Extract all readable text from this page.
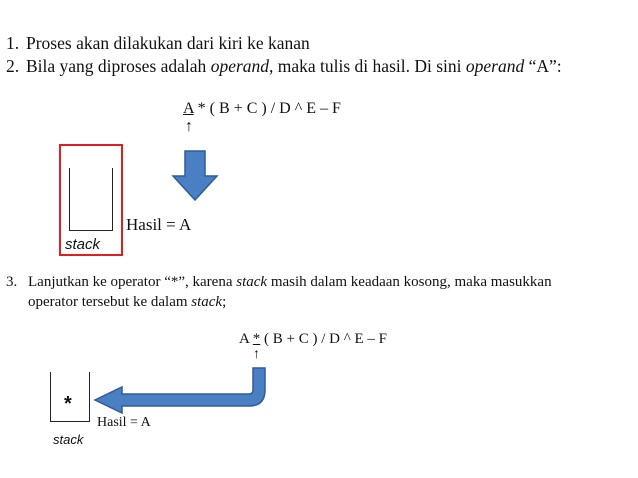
1. Proses akan dilakukan dari kiri ke kanan
2. Bila yang diproses adalah operand, maka tulis di hasil. Di sini operand “A”:
A * ( B + C ) / D ^ E – F
↑
stack
Hasil = A
3. Lanjutkan ke operator “*”, karena stack masih dalam keadaan kosong, maka masukkan
operator tersebut ke dalam stack;
A * ( B + C ) / D ^ E – F
↑
*
stack
Hasil = A
